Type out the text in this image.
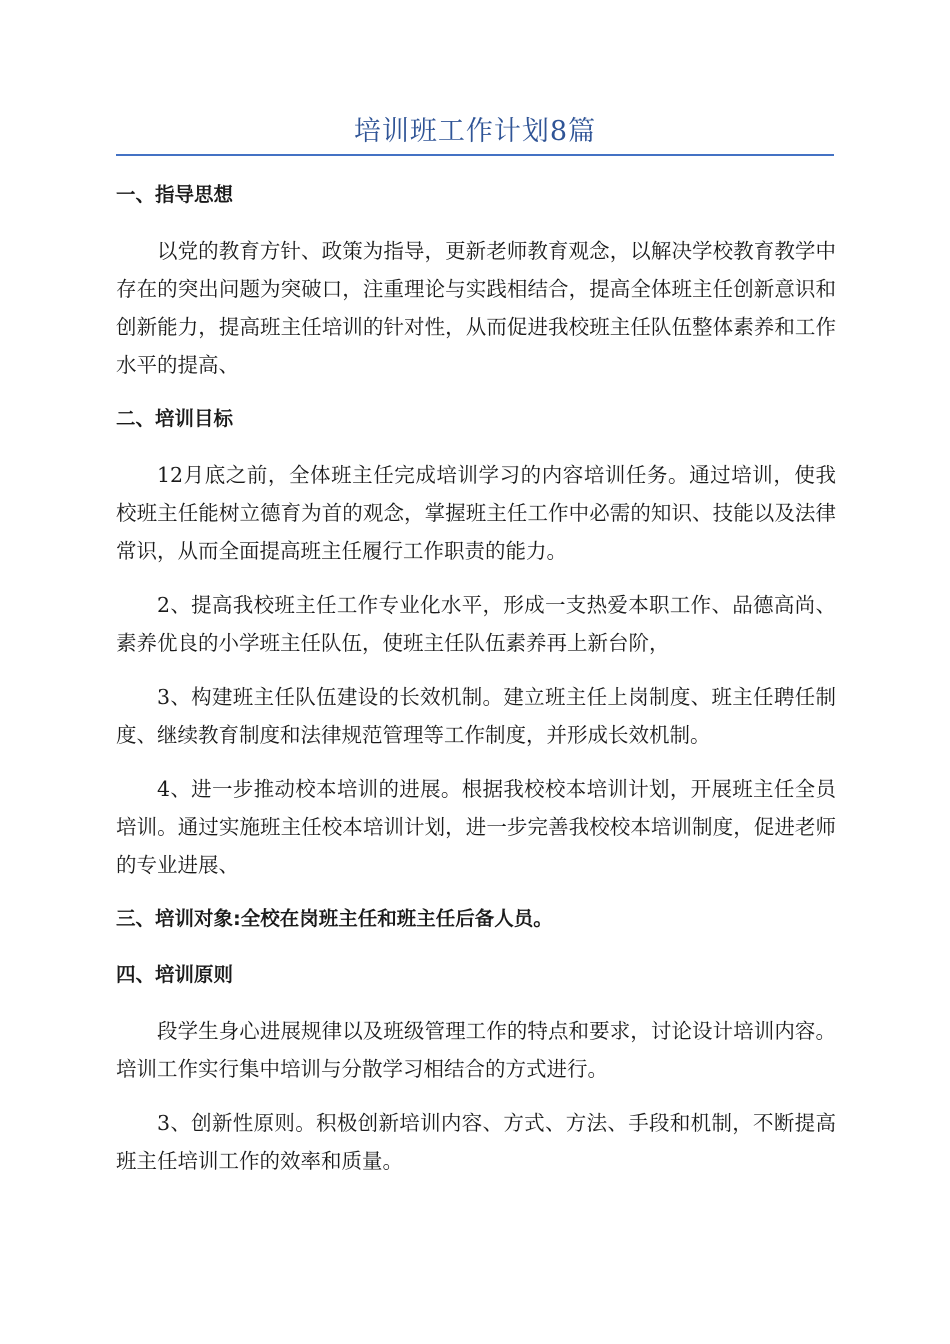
培训班工作计划8篇
一、指导思想
以党的教育方针、政策为指导，更新老师教育观念，以解决学校教育教学中存在的突出问题为突破口，注重理论与实践相结合，提高全体班主任创新意识和创新能力，提高班主任培训的针对性，从而促进我校班主任队伍整体素养和工作水平的提高、
二、培训目标
12月底之前，全体班主任完成培训学习的内容培训任务。通过培训，使我校班主任能树立德育为首的观念，掌握班主任工作中必需的知识、技能以及法律常识，从而全面提高班主任履行工作职责的能力。
2、提高我校班主任工作专业化水平，形成一支热爱本职工作、品德高尚、素养优良的小学班主任队伍，使班主任队伍素养再上新台阶，
3、构建班主任队伍建设的长效机制。建立班主任上岗制度、班主任聘任制度、继续教育制度和法律规范管理等工作制度，并形成长效机制。
4、进一步推动校本培训的进展。根据我校校本培训计划，开展班主任全员培训。通过实施班主任校本培训计划，进一步完善我校校本培训制度，促进老师的专业进展、
三、培训对象:全校在岗班主任和班主任后备人员。
四、培训原则
段学生身心进展规律以及班级管理工作的特点和要求，讨论设计培训内容。培训工作实行集中培训与分散学习相结合的方式进行。
3、创新性原则。积极创新培训内容、方式、方法、手段和机制，不断提高班主任培训工作的效率和质量。
